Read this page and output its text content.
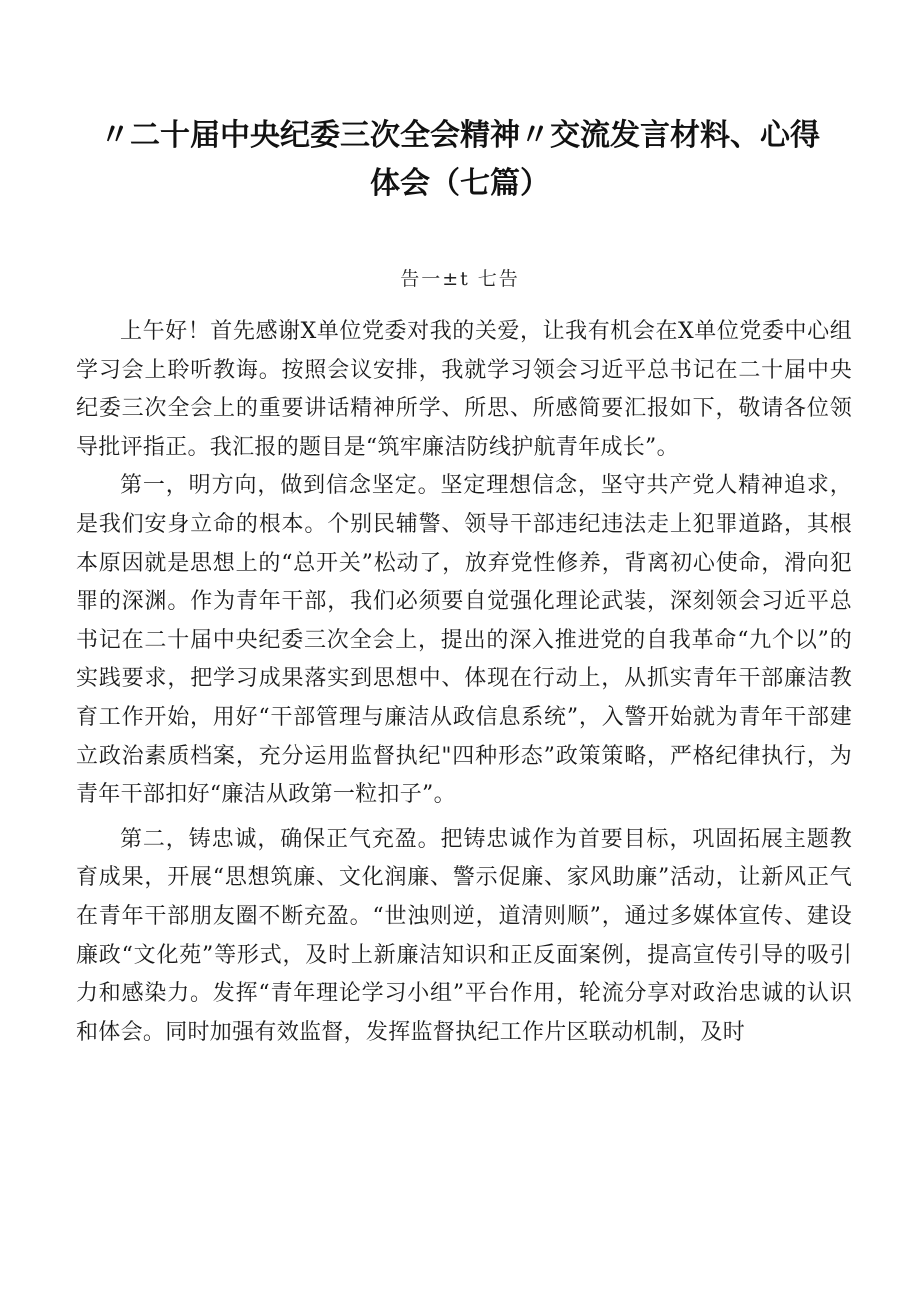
〃二十届中央纪委三次全会精神〃交流发言材料、心得
体会（七篇）
告一±t 七告

上午好！首先感谢X单位党委对我的关爱，让我有机会在X单位党委中心组学习会上聆听教诲。按照会议安排，我就学习领会习近平总书记在二十届中央纪委三次全会上的重要讲话精神所学、所思、所感简要汇报如下，敬请各位领导批评指正。我汇报的题目是“筑牢廉洁防线护航青年成长”。

第一，明方向，做到信念坚定。坚定理想信念，坚守共产党人精神追求，是我们安身立命的根本。个别民辅警、领导干部违纪违法走上犯罪道路，其根本原因就是思想上的“总开关”松动了，放弃党性修养，背离初心使命，滑向犯罪的深渊。作为青年干部，我们必须要自觉强化理论武装，深刻领会习近平总书记在二十届中央纪委三次全会上，提出的深入推进党的自我革命“九个以”的实践要求，把学习成果落实到思想中、体现在行动上，从抓实青年干部廉洁教育工作开始，用好“干部管理与廉洁从政信息系统”，入警开始就为青年干部建立政治素质档案，充分运用监督执纪"四种形态”政策策略，严格纪律执行，为青年干部扣好“廉洁从政第一粒扣子”。

第二，铸忠诚，确保正气充盈。把铸忠诚作为首要目标，巩固拓展主题教育成果，开展“思想筑廉、文化润廉、警示促廉、家风助廉”活动，让新风正气在青年干部朋友圈不断充盈。“世浊则逆，道清则顺”，通过多媒体宣传、建设廉政“文化苑”等形式，及时上新廉洁知识和正反面案例，提高宣传引导的吸引力和感染力。发挥“青年理论学习小组”平台作用，轮流分享对政治忠诚的认识和体会。同时加强有效监督，发挥监督执纪工作片区联动机制，及时
